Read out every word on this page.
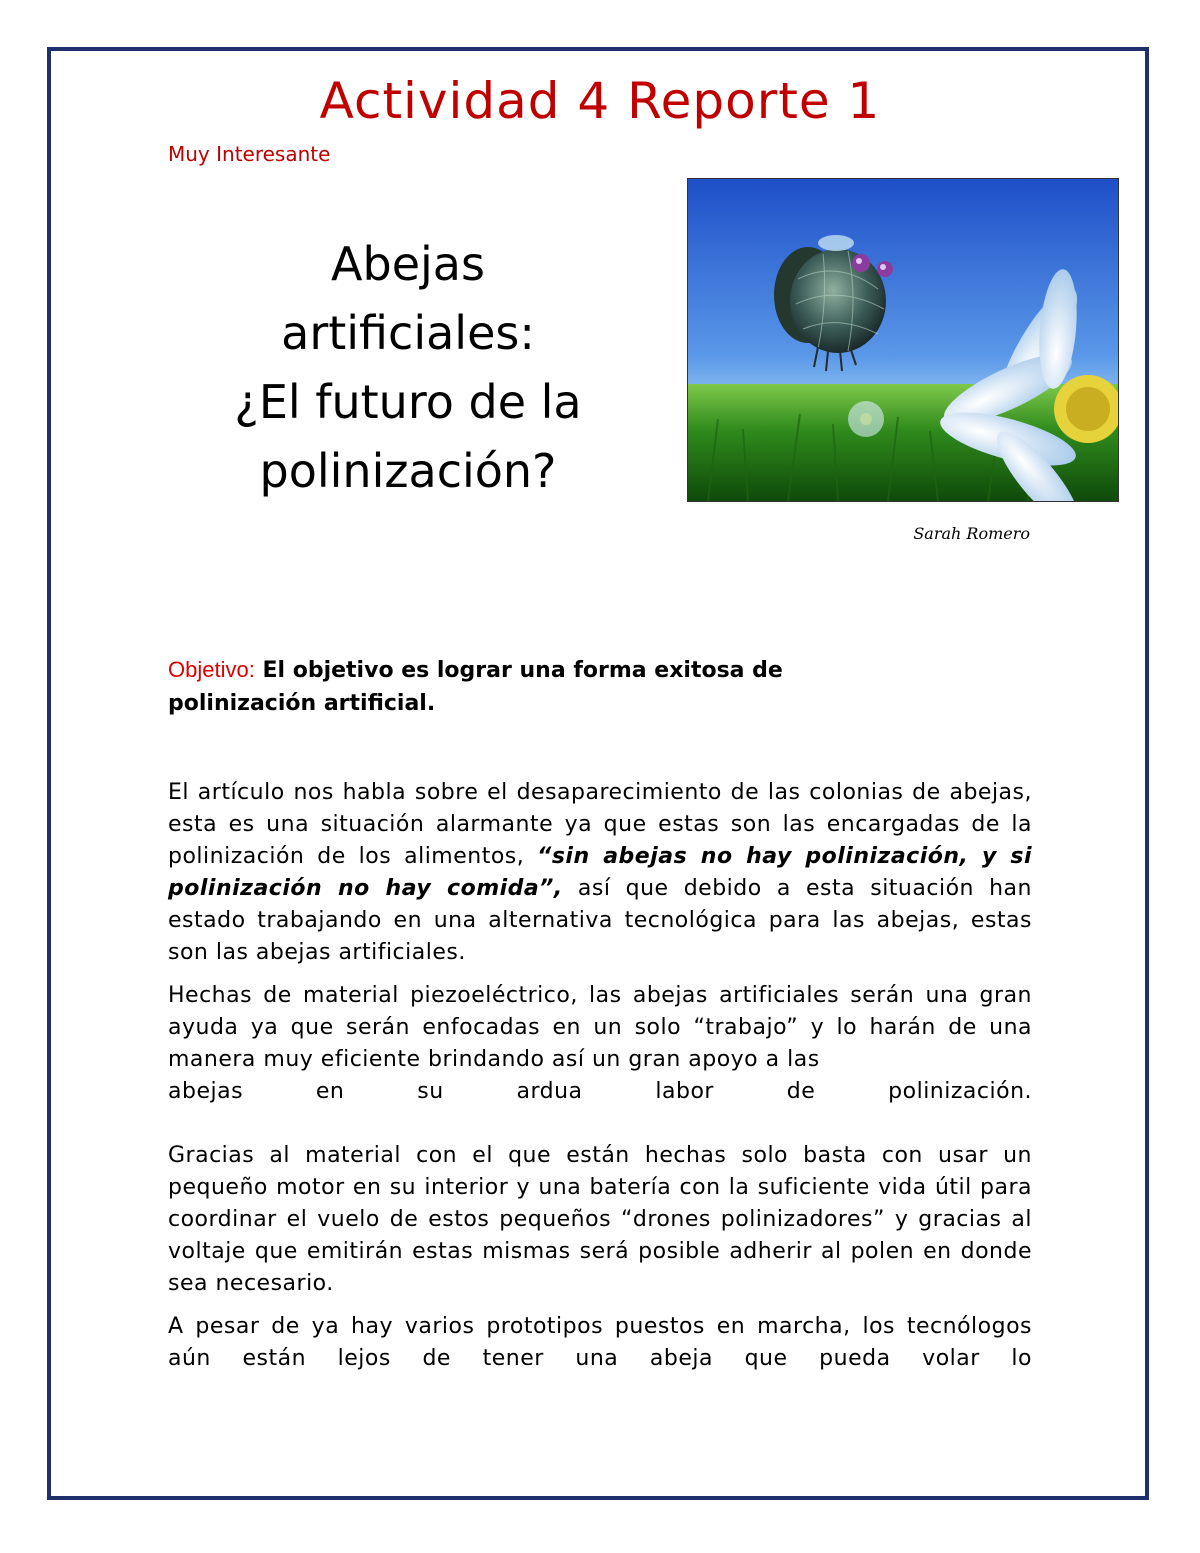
Actividad 4 Reporte 1
Muy Interesante
Abejas
artificiales:
¿El futuro de la
polinización?
Sarah Romero
Objetivo: El objetivo es lograr una forma exitosa de polinización artificial.

El artículo nos habla sobre el desaparecimiento de las colonias de abejas, esta es una situación alarmante ya que estas son las encargadas de la polinización de los alimentos, “sin abejas no hay polinización, y si polinización no hay comida”, así que debido a esta situación han estado trabajando en una alternativa tecnológica para las abejas, estas son las abejas artificiales.

Hechas de material piezoeléctrico, las abejas artificiales serán una gran ayuda ya que serán enfocadas en un solo “trabajo” y lo harán de una manera muy eficiente brindando así un gran apoyo a las
abejas en su ardua labor de polinización.

Gracias al material con el que están hechas solo basta con usar un pequeño motor en su interior y una batería con la suficiente vida útil para coordinar el vuelo de estos pequeños “drones polinizadores” y gracias al voltaje que emitirán estas mismas será posible adherir al polen en donde sea necesario.

A pesar de ya hay varios prototipos puestos en marcha, los tecnólogos aún están lejos de tener una abeja que pueda volar lo
